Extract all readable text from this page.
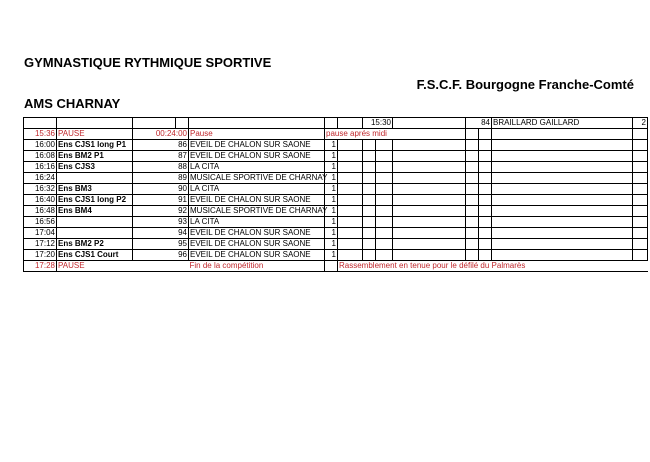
GYMNASTIQUE RYTHMIQUE SPORTIVE
F.S.C.F. Bourgogne Franche-Comté
AMS CHARNAY
							15:30			84		BRAILLARD GAILLARD	2
15:36	PAUSE	00:24:00		Pause	pause aprés midi								
16:00	Ens CJS1 long P1		86	EVEIL DE CHALON SUR SAONE	1								
16:08	Ens BM2 P1		87	EVEIL DE CHALON SUR SAONE	1								
16:16	Ens CJS3		88	LA CITA	1								
16:24			89	MUSICALE SPORTIVE DE CHARNAY	1								
16:32	Ens BM3		90	LA CITA	1								
16:40	Ens CJS1 long P2		91	EVEIL DE CHALON SUR SAONE	1								
16:48	Ens BM4		92	MUSICALE SPORTIVE DE CHARNAY	1								
16:56			93	LA CITA	1								
17:04			94	EVEIL DE CHALON SUR SAONE	1								
17:12	Ens BM2 P2		95	EVEIL DE CHALON SUR SAONE	1								
17:20	Ens CJS1 Court		96	EVEIL DE CHALON SUR SAONE	1								
17:28	PAUSE			Fin de la compétition		Rassemblement en tenue pour le défilé du Palmarès							
